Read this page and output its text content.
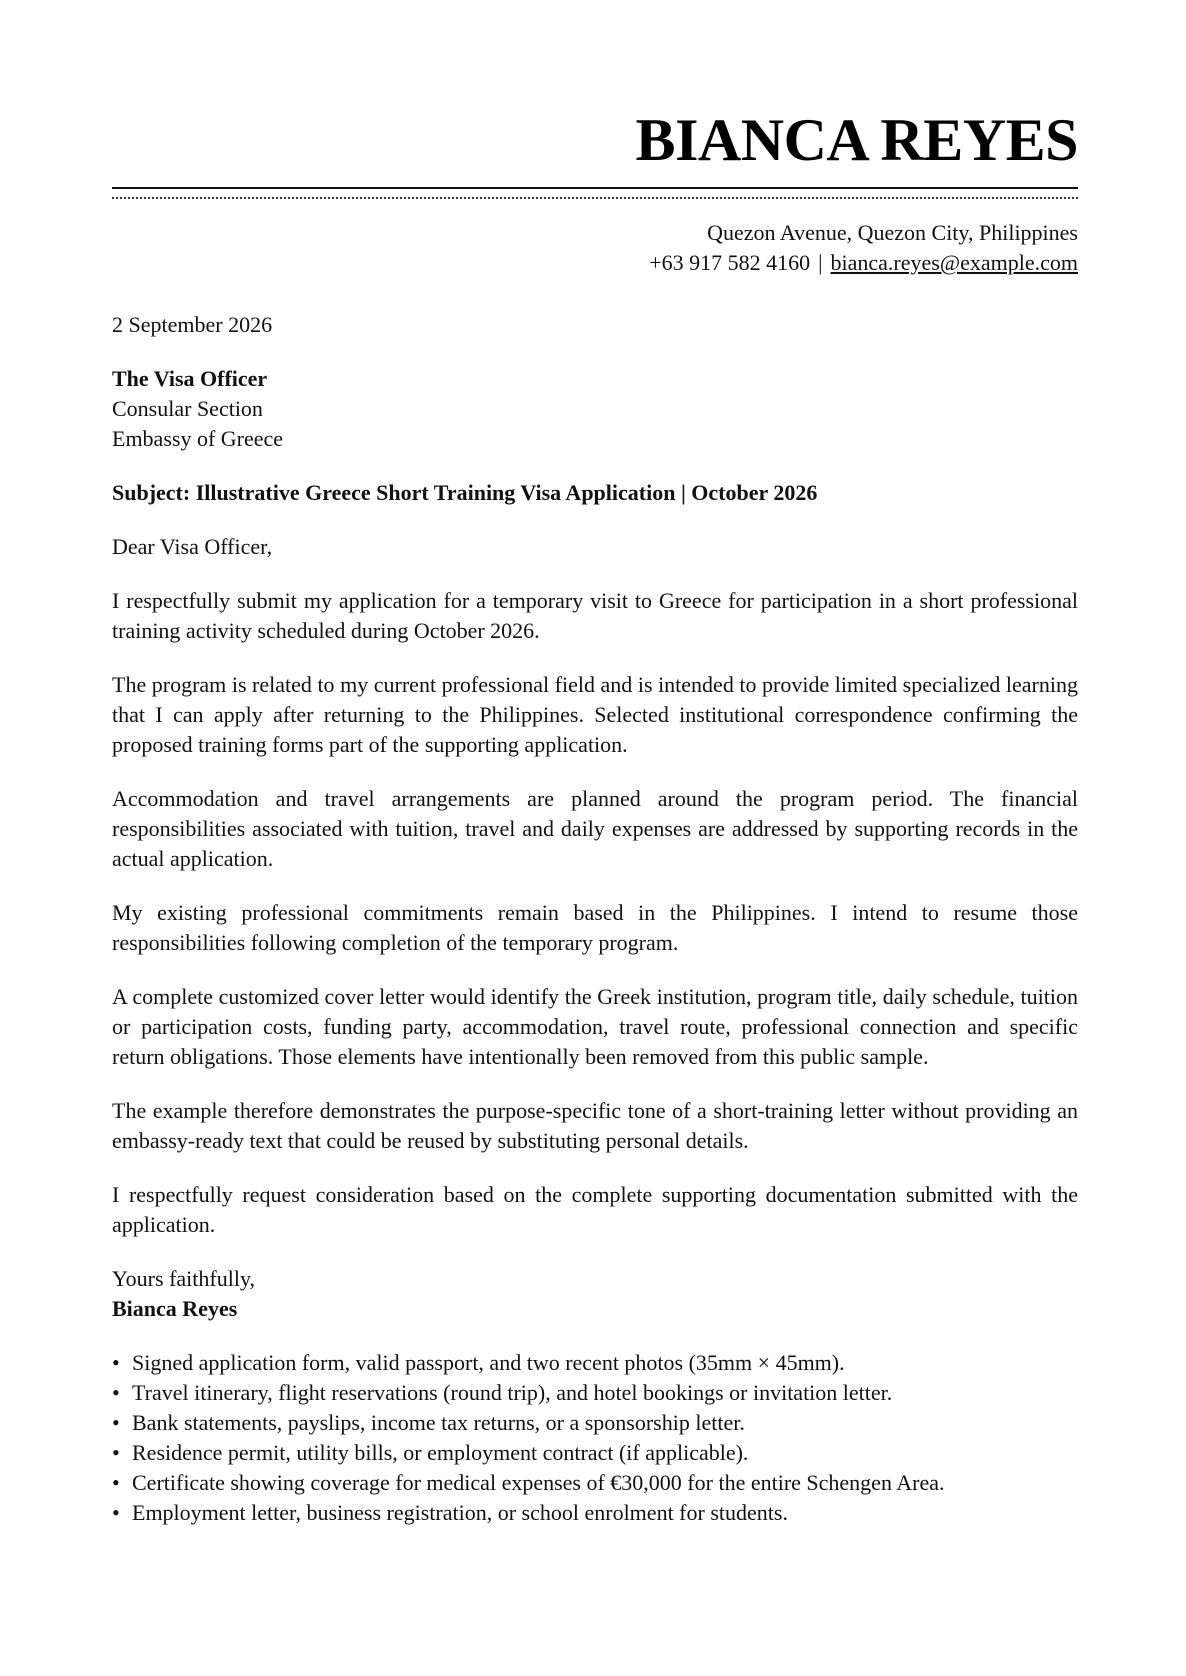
BIANCA REYES
Quezon Avenue, Quezon City, Philippines
+63 917 582 4160 | bianca.reyes@example.com
2 September 2026
The Visa Officer
Consular Section
Embassy of Greece
Subject: Illustrative Greece Short Training Visa Application | October 2026
Dear Visa Officer,

I respectfully submit my application for a temporary visit to Greece for participation in a short professional training activity scheduled during October 2026.

The program is related to my current professional field and is intended to provide limited specialized learning that I can apply after returning to the Philippines. Selected institutional correspondence confirming the proposed training forms part of the supporting application.

Accommodation and travel arrangements are planned around the program period. The financial responsibilities associated with tuition, travel and daily expenses are addressed by supporting records in the actual application.

My existing professional commitments remain based in the Philippines. I intend to resume those responsibilities following completion of the temporary program.

A complete customized cover letter would identify the Greek institution, program title, daily schedule, tuition or participation costs, funding party, accommodation, travel route, professional connection and specific return obligations. Those elements have intentionally been removed from this public sample.

The example therefore demonstrates the purpose-specific tone of a short-training letter without providing an embassy-ready text that could be reused by substituting personal details.

I respectfully request consideration based on the complete supporting documentation submitted with the application.

Yours faithfully,
Bianca Reyes
• Signed application form, valid passport, and two recent photos (35mm × 45mm).
• Travel itinerary, flight reservations (round trip), and hotel bookings or invitation letter.
• Bank statements, payslips, income tax returns, or a sponsorship letter.
• Residence permit, utility bills, or employment contract (if applicable).
• Certificate showing coverage for medical expenses of €30,000 for the entire Schengen Area.
• Employment letter, business registration, or school enrolment for students.
